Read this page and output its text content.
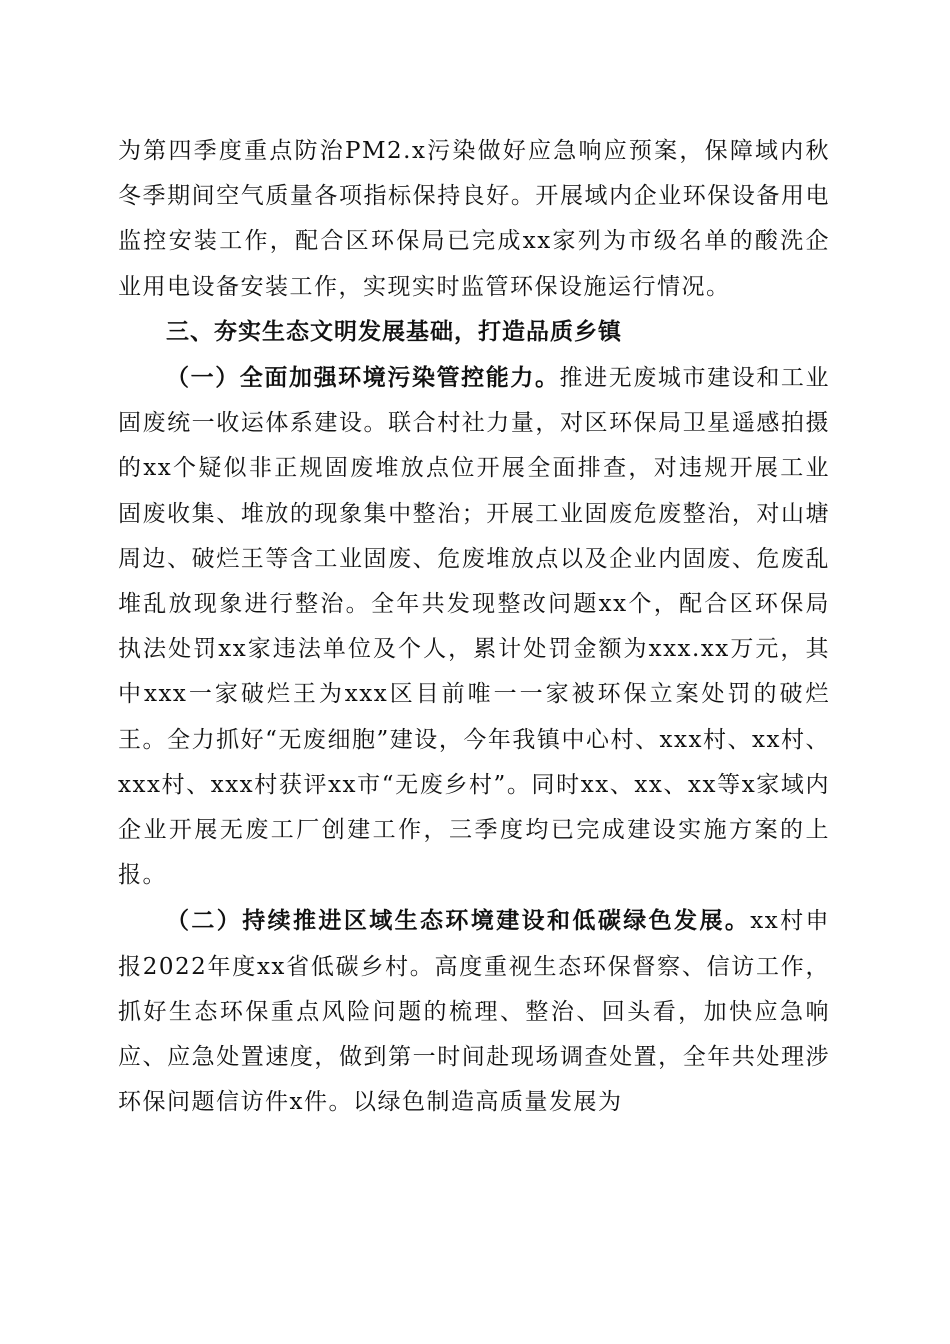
为第四季度重点防治PM2.x污染做好应急响应预案，保障域内秋冬季期间空气质量各项指标保持良好。开展域内企业环保设备用电监控安装工作，配合区环保局已完成xx家列为市级名单的酸洗企业用电设备安装工作，实现实时监管环保设施运行情况。

三、夯实生态文明发展基础，打造品质乡镇

（一）全面加强环境污染管控能力。推进无废城市建设和工业固废统一收运体系建设。联合村社力量，对区环保局卫星遥感拍摄的xx个疑似非正规固废堆放点位开展全面排查，对违规开展工业固废收集、堆放的现象集中整治；开展工业固废危废整治，对山塘周边、破烂王等含工业固废、危废堆放点以及企业内固废、危废乱堆乱放现象进行整治。全年共发现整改问题xx个，配合区环保局执法处罚xx家违法单位及个人，累计处罚金额为xxx.xx万元，其中xxx一家破烂王为xxx区目前唯一一家被环保立案处罚的破烂王。全力抓好“无废细胞”建设，今年我镇中心村、xxx村、xx村、xxx村、xxx村获评xx市“无废乡村”。同时xx、xx、xx等x家域内企业开展无废工厂创建工作，三季度均已完成建设实施方案的上报。

（二）持续推进区域生态环境建设和低碳绿色发展。xx村申报2022年度xx省低碳乡村。高度重视生态环保督察、信访工作，抓好生态环保重点风险问题的梳理、整治、回头看，加快应急响应、应急处置速度，做到第一时间赴现场调查处置，全年共处理涉环保问题信访件x件。以绿色制造高质量发展为
